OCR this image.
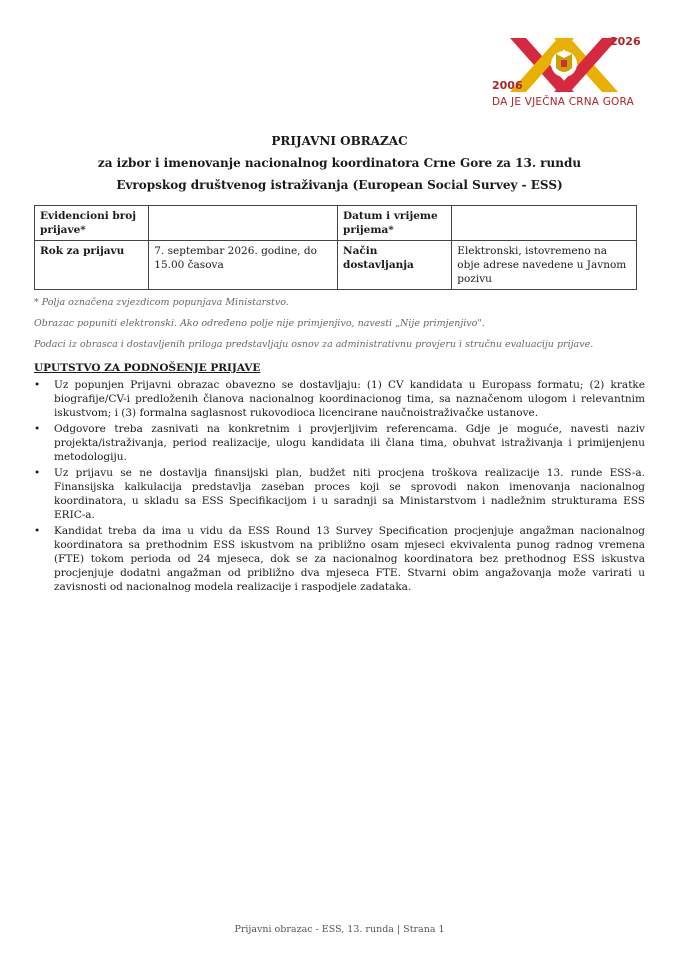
2006
2026
DA JE VJEČNA CRNA GORA
PRIJAVNI OBRAZAC
za izbor i imenovanje nacionalnog koordinatora Crne Gore za 13. rundu
Evropskog društvenog istraživanja (European Social Survey - ESS)
Evidencioni broj prijave*		Datum i vrijeme prijema*	
Rok za prijavu	7. septembar 2026. godine, do 15.00 časova	Način dostavljanja	Elektronski, istovremeno na obje adrese navedene u Javnom pozivu

* Polja označena zvjezdicom popunjava Ministarstvo.

Obrazac popuniti elektronski. Ako određeno polje nije primjenjivo, navesti „Nije primjenjivo".

Podaci iz obrasca i dostavljenih priloga predstavljaju osnov za administrativnu provjeru i stručnu evaluaciju prijave.

UPUTSTVO ZA PODNOŠENJE PRIJAVE
• Uz popunjen Prijavni obrazac obavezno se dostavljaju: (1) CV kandidata u Europass formatu; (2) kratke biografije/CV-i predloženih članova nacionalnog koordinacionog tima, sa naznačenom ulogom i relevantnim iskustvom; i (3) formalna saglasnost rukovodioca licencirane naučnoistraživačke ustanove.
• Odgovore treba zasnivati na konkretnim i provjerljivim referencama. Gdje je moguće, navesti naziv projekta/istraživanja, period realizacije, ulogu kandidata ili člana tima, obuhvat istraživanja i primijenjenu metodologiju.
• Uz prijavu se ne dostavlja finansijski plan, budžet niti procjena troškova realizacije 13. runde ESS-a. Finansijska kalkulacija predstavlja zaseban proces koji se sprovodi nakon imenovanja nacionalnog koordinatora, u skladu sa ESS Specifikacijom i u saradnji sa Ministarstvom i nadležnim strukturama ESS ERIC-a.
• Kandidat treba da ima u vidu da ESS Round 13 Survey Specification procjenjuje angažman nacionalnog koordinatora sa prethodnim ESS iskustvom na približno osam mjeseci ekvivalenta punog radnog vremena (FTE) tokom perioda od 24 mjeseca, dok se za nacionalnog koordinatora bez prethodnog ESS iskustva procjenjuje dodatni angažman od približno dva mjeseca FTE. Stvarni obim angažovanja može varirati u zavisnosti od nacionalnog modela realizacije i raspodjele zadataka.
Prijavni obrazac - ESS, 13. runda | Strana 1
